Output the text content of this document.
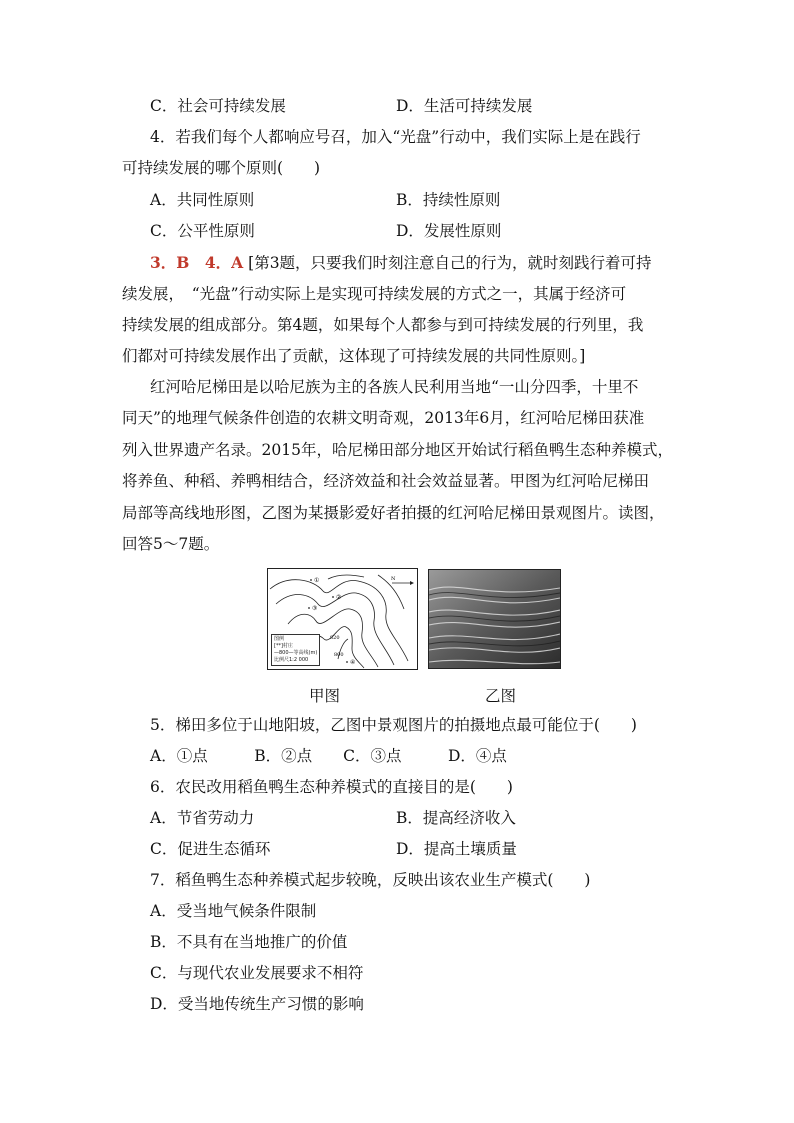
C．社会可持续发展	D．生活可持续发展
4．若我们每个人都响应号召，加入“光盘”行动中，我们实际上是在践行
可持续发展的哪个原则(　　)
A．共同性原则	B．持续性原则
C．公平性原则	D．发展性原则
3．B　4．A [第3题，只要我们时刻注意自己的行为，就时刻践行着可持
续发展，　“光盘”行动实际上是实现可持续发展的方式之一，其属于经济可
持续发展的组成部分。第4题，如果每个人都参与到可持续发展的行列里，我
们都对可持续发展作出了贡献，这体现了可持续发展的共同性原则。]
红河哈尼梯田是以哈尼族为主的各族人民利用当地“一山分四季，十里不
同天”的地理气候条件创造的农耕文明奇观，2013年6月，红河哈尼梯田获准
列入世界遗产名录。2015年，哈尼梯田部分地区开始试行稻鱼鸭生态种养模式，
将养鱼、种稻、养鸭相结合，经济效益和社会效益显著。甲图为红河哈尼梯田
局部等高线地形图，乙图为某摄影爱好者拍摄的红河哈尼梯田景观图片。读图，
回答5～7题。
①
②
③
④
820
800
N
图例
[**]村庄
—800—等高线(m)
比例尺1:2 000
甲图	乙图
5．梯田多位于山地阳坡，乙图中景观图片的拍摄地点最可能位于(　　)
A．①点　　　B．②点　　C．③点　　　D．④点
6．农民改用稻鱼鸭生态种养模式的直接目的是(　　)
A．节省劳动力	B．提高经济收入
C．促进生态循环	D．提高土壤质量
7．稻鱼鸭生态种养模式起步较晚，反映出该农业生产模式(　　)
A．受当地气候条件限制
B．不具有在当地推广的价值
C．与现代农业发展要求不相符
D．受当地传统生产习惯的影响
